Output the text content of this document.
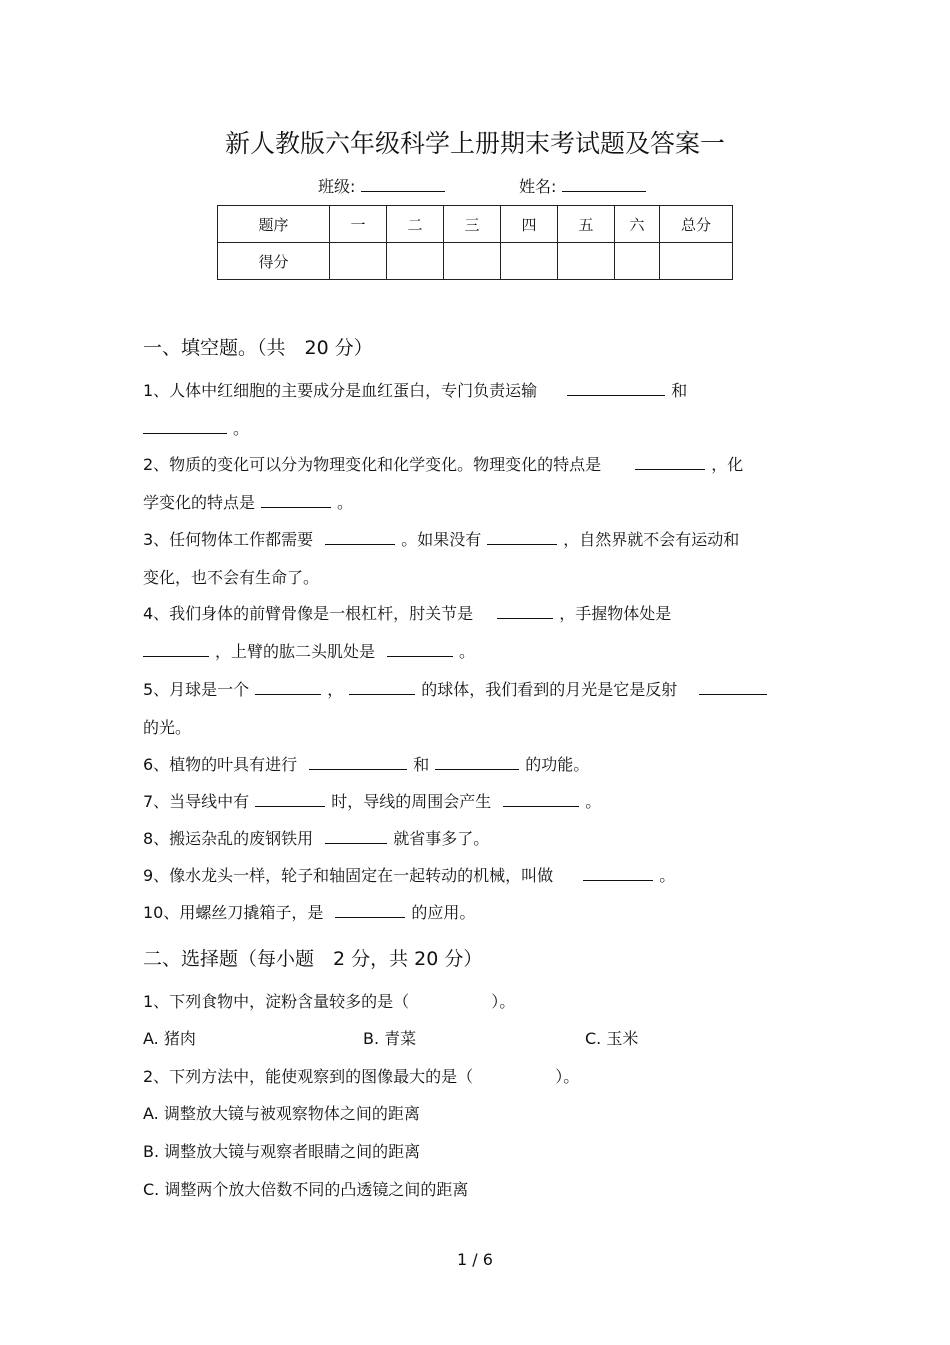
新人教版六年级科学上册期末考试题及答案一
班级:	姓名:
题序	一	二	三	四	五	六	总分
得分							
一、填空题。（共　20 分）
1、人体中红细胞的主要成分是血红蛋白，专门负责运输	和
。
2、物质的变化可以分为物理变化和化学变化。物理变化的特点是	，化
学变化的特点是	。
3、任何物体工作都需要	。如果没有	，自然界就不会有运动和
变化，也不会有生命了。
4、我们身体的前臂骨像是一根杠杆，肘关节是	，手握物体处是
，上臂的肱二头肌处是	。
5、月球是一个	，	的球体，我们看到的月光是它是反射
的光。
6、植物的叶具有进行	和	的功能。
7、当导线中有	时，导线的周围会产生	。
8、搬运杂乱的废钢铁用	就省事多了。
9、像水龙头一样，轮子和轴固定在一起转动的机械，叫做	。
10、用螺丝刀撬箱子，是	的应用。
二、选择题（每小题　2 分，共 20 分）
1、下列食物中，淀粉含量较多的是（	）。
A. 猪肉	B. 青菜	C. 玉米
2、下列方法中，能使观察到的图像最大的是（	）。
A. 调整放大镜与被观察物体之间的距离
B. 调整放大镜与观察者眼睛之间的距离
C. 调整两个放大倍数不同的凸透镜之间的距离
1 / 6
